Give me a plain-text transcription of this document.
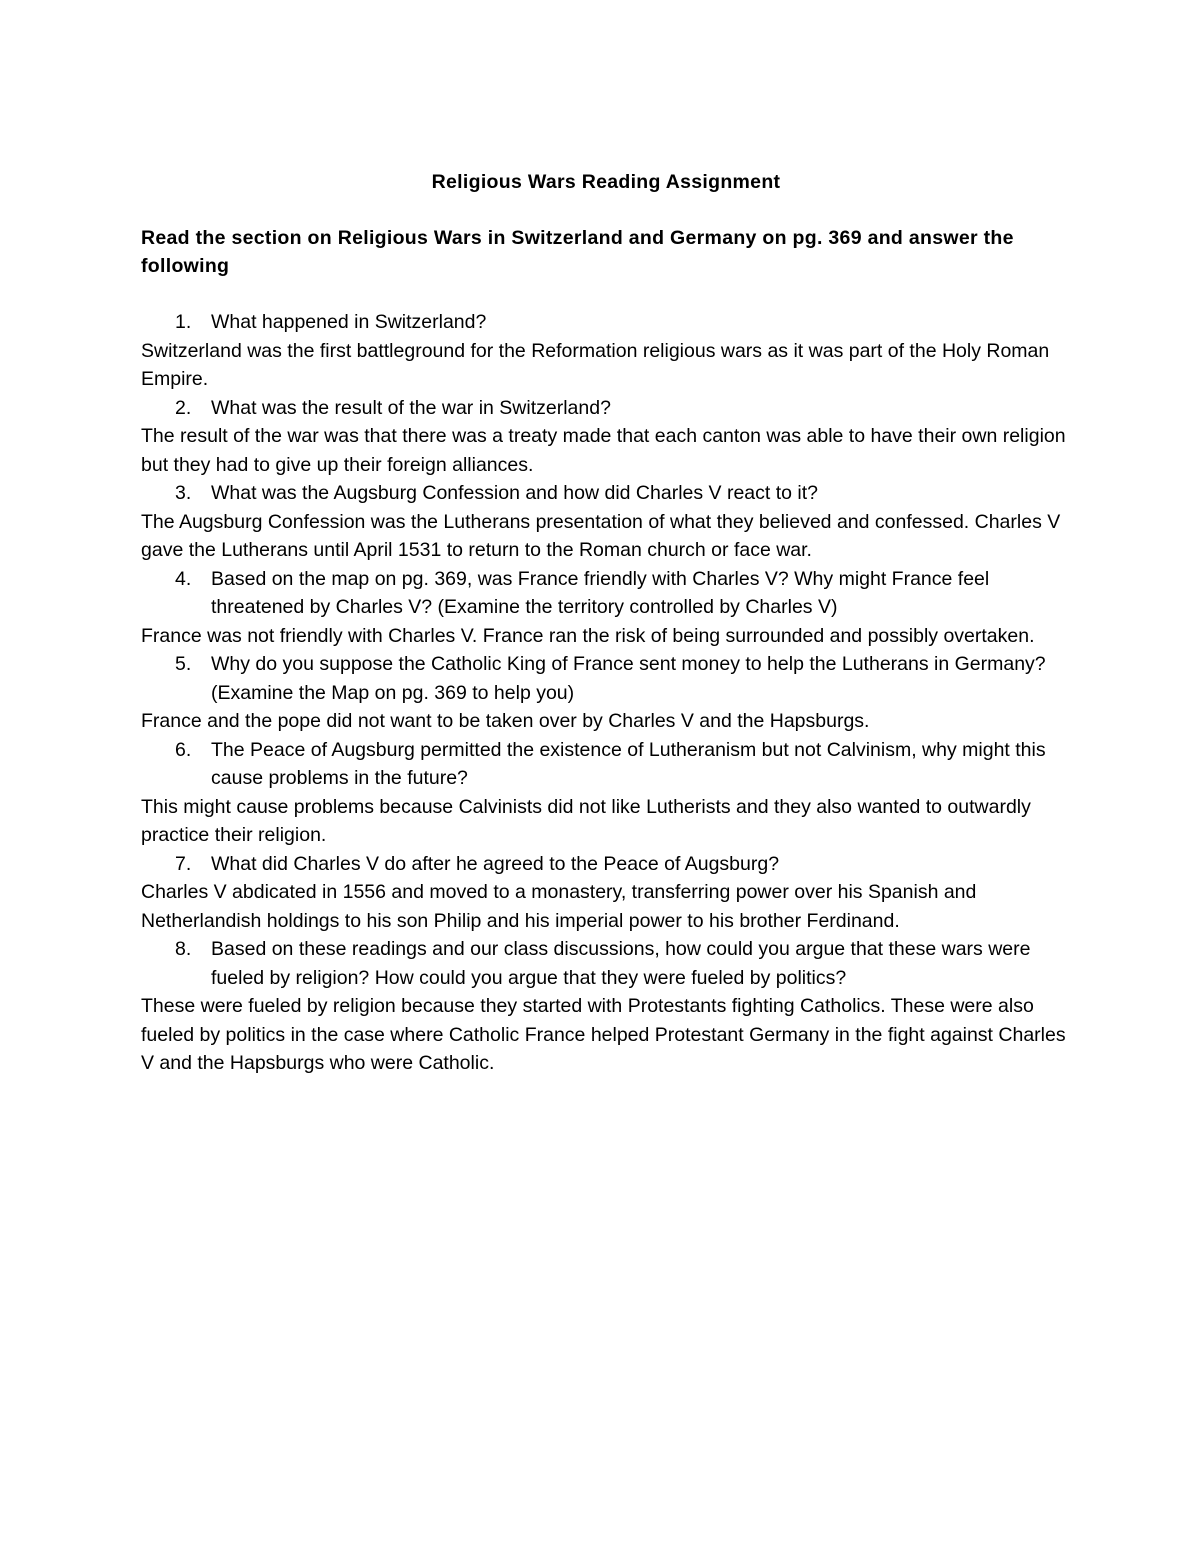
Religious Wars Reading Assignment

Read the section on Religious Wars in Switzerland and Germany on pg. 369 and answer the following

1.	What happened in Switzerland?

Switzerland was the first battleground for the Reformation religious wars as it was part of the Holy Roman Empire.

2.	What was the result of the war in Switzerland?

The result of the war was that there was a treaty made that each canton was able to have their own religion but they had to give up their foreign alliances.

3.	What was the Augsburg Confession and how did Charles V react to it?

The Augsburg Confession was the Lutherans presentation of what they believed and confessed. Charles V gave the Lutherans until April 1531 to return to the Roman church or face war.

4.	Based on the map on pg. 369, was France friendly with Charles V? Why might France feel threatened by Charles V? (Examine the territory controlled by Charles V)

France was not friendly with Charles V. France ran the risk of being surrounded and possibly overtaken.

5.	Why do you suppose the Catholic King of France sent money to help the Lutherans in Germany? (Examine the Map on pg. 369 to help you)

France and the pope did not want to be taken over by Charles V and the Hapsburgs.

6.	The Peace of Augsburg permitted the existence of Lutheranism but not Calvinism, why might this cause problems in the future?

This might cause problems because Calvinists did not like Lutherists and they also wanted to outwardly practice their religion.

7.	What did Charles V do after he agreed to the Peace of Augsburg?

Charles V abdicated in 1556 and moved to a monastery, transferring power over his Spanish and Netherlandish holdings to his son Philip and his imperial power to his brother Ferdinand.

8.	Based on these readings and our class discussions, how could you argue that these wars were fueled by religion? How could you argue that they were fueled by politics?

These were fueled by religion because they started with Protestants fighting Catholics. These were also fueled by politics in the case where Catholic France helped Protestant Germany in the fight against Charles V and the Hapsburgs who were Catholic.
